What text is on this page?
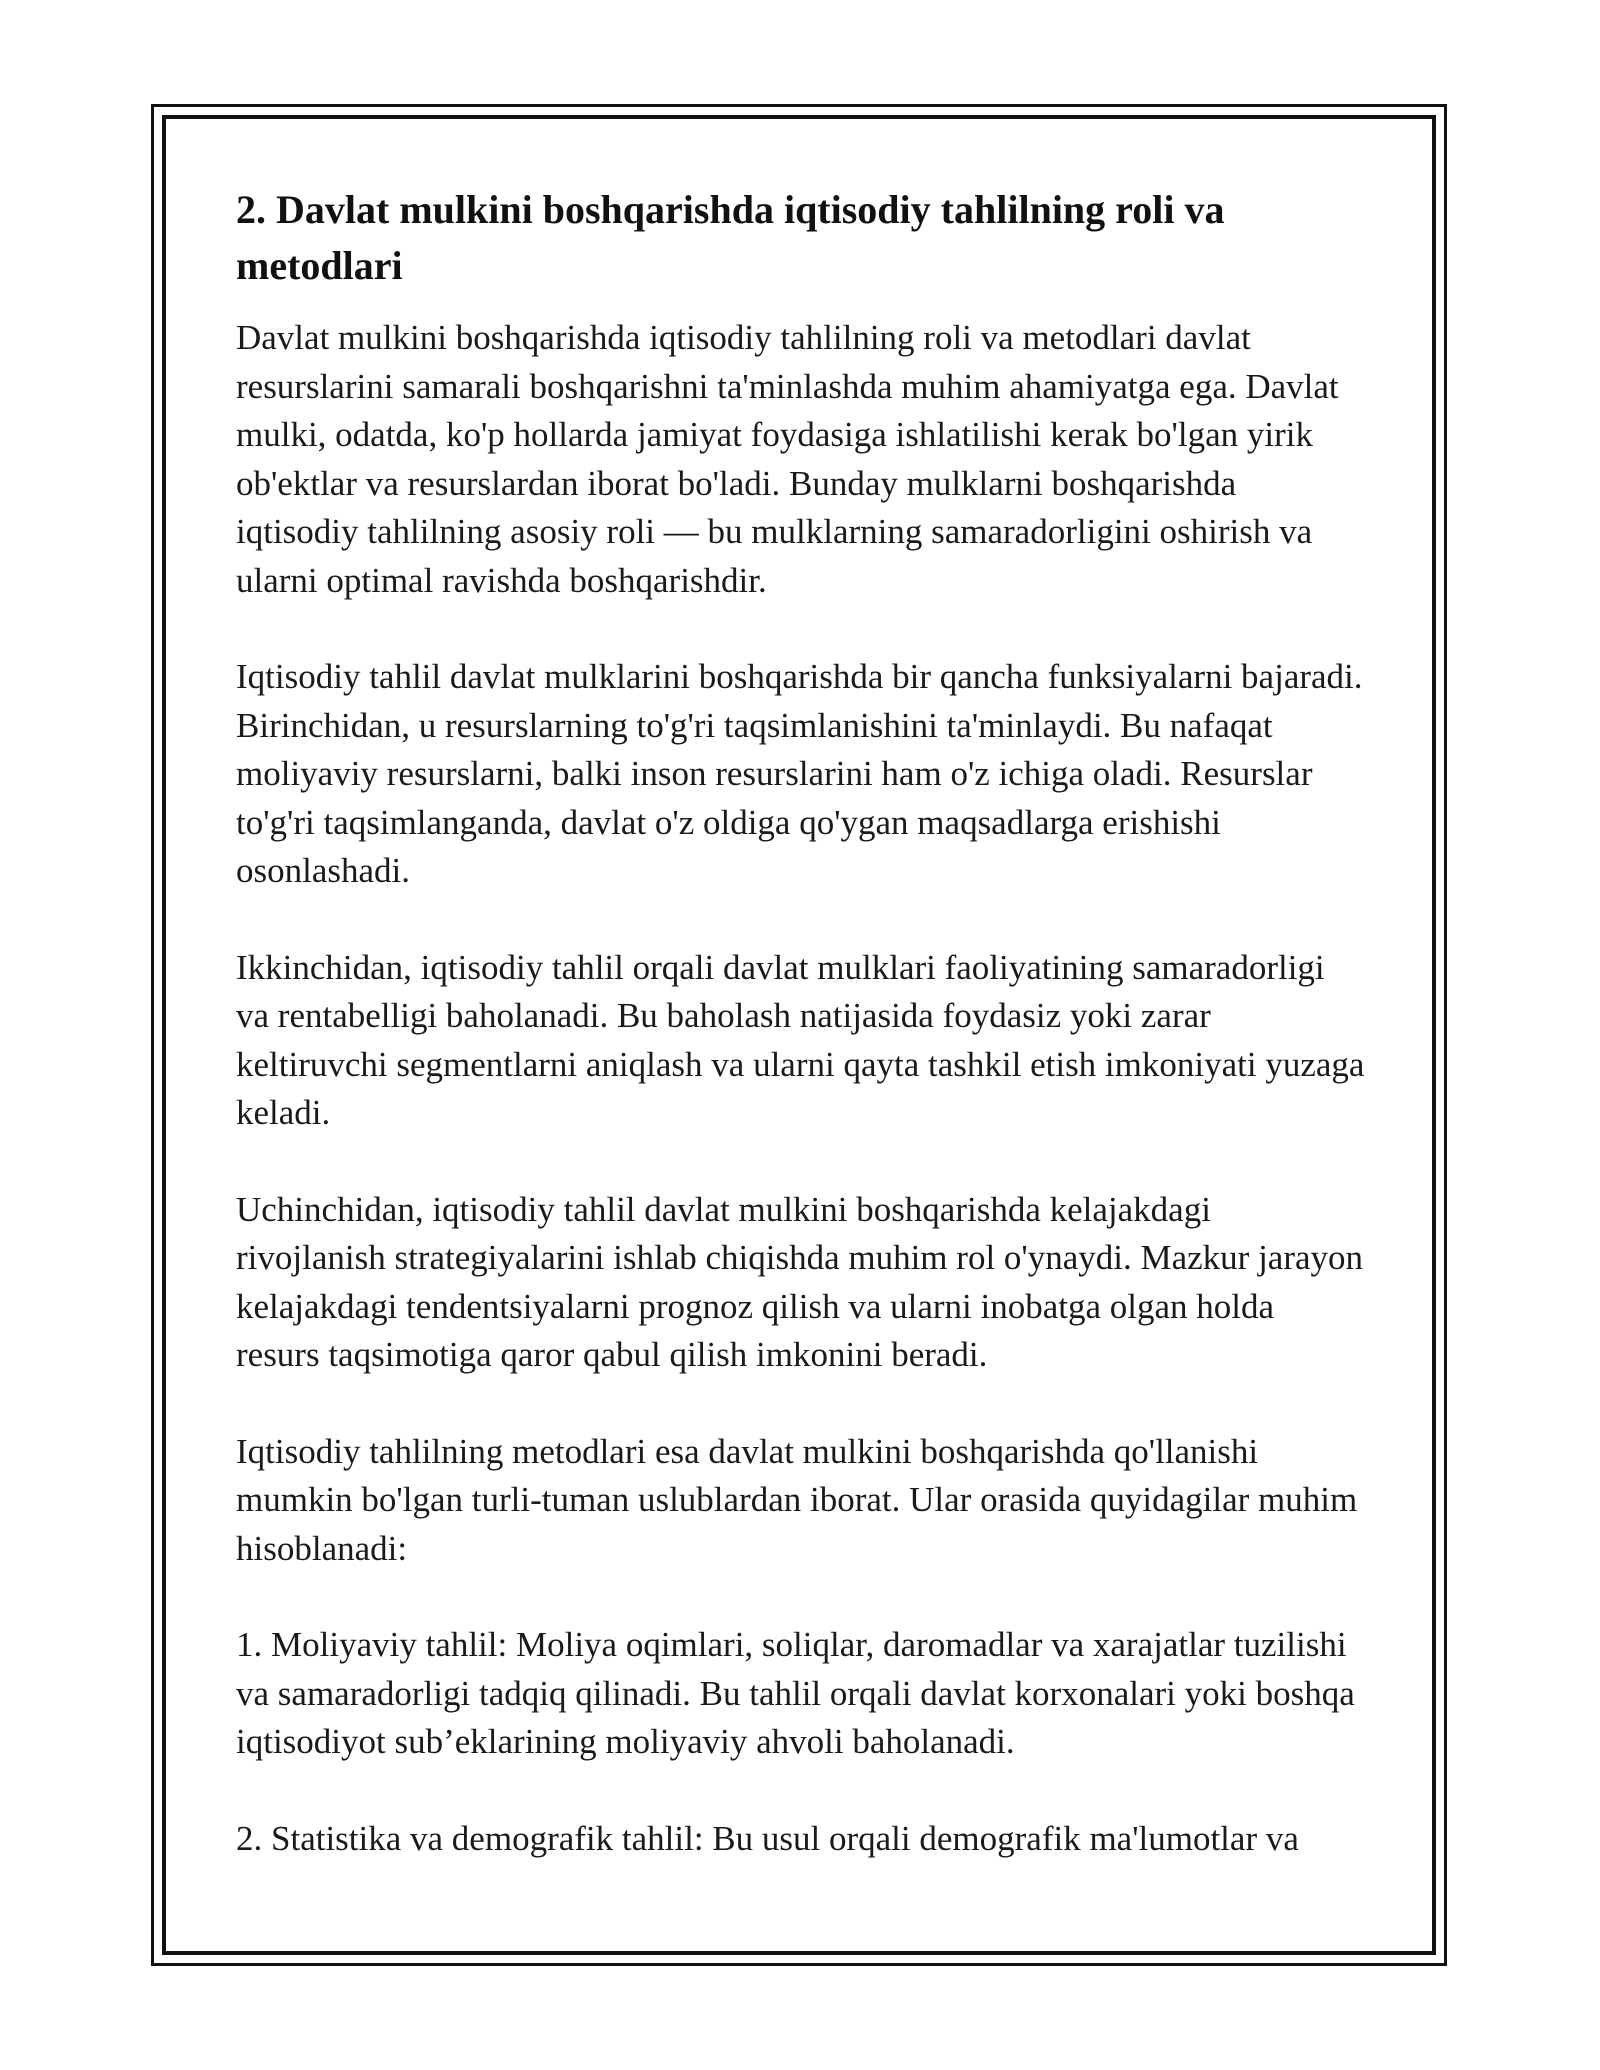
2. Davlat mulkini boshqarishda iqtisodiy tahlilning roli va metodlari

Davlat mulkini boshqarishda iqtisodiy tahlilning roli va metodlari davlat resurslarini samarali boshqarishni ta'minlashda muhim ahamiyatga ega. Davlat mulki, odatda, ko'p hollarda jamiyat foydasiga ishlatilishi kerak bo'lgan yirik ob'ektlar va resurslardan iborat bo'ladi. Bunday mulklarni boshqarishda iqtisodiy tahlilning asosiy roli — bu mulklarning samaradorligini oshirish va ularni optimal ravishda boshqarishdir.

Iqtisodiy tahlil davlat mulklarini boshqarishda bir qancha funksiyalarni bajaradi. Birinchidan, u resurslarning to'g'ri taqsimlanishini ta'minlaydi. Bu nafaqat moliyaviy resurslarni, balki inson resurslarini ham o'z ichiga oladi. Resurslar to'g'ri taqsimlanganda, davlat o'z oldiga qo'ygan maqsadlarga erishishi osonlashadi.

Ikkinchidan, iqtisodiy tahlil orqali davlat mulklari faoliyatining samaradorligi va rentabelligi baholanadi. Bu baholash natijasida foydasiz yoki zarar keltiruvchi segmentlarni aniqlash va ularni qayta tashkil etish imkoniyati yuzaga keladi.

Uchinchidan, iqtisodiy tahlil davlat mulkini boshqarishda kelajakdagi rivojlanish strategiyalarini ishlab chiqishda muhim rol o'ynaydi. Mazkur jarayon kelajakdagi tendentsiyalarni prognoz qilish va ularni inobatga olgan holda resurs taqsimotiga qaror qabul qilish imkonini beradi.

Iqtisodiy tahlilning metodlari esa davlat mulkini boshqarishda qo'llanishi mumkin bo'lgan turli-tuman uslublardan iborat. Ular orasida quyidagilar muhim hisoblanadi:

1. Moliyaviy tahlil: Moliya oqimlari, soliqlar, daromadlar va xarajatlar tuzilishi va samaradorligi tadqiq qilinadi. Bu tahlil orqali davlat korxonalari yoki boshqa iqtisodiyot sub’eklarining moliyaviy ahvoli baholanadi.

2. Statistika va demografik tahlil: Bu usul orqali demografik ma'lumotlar va
